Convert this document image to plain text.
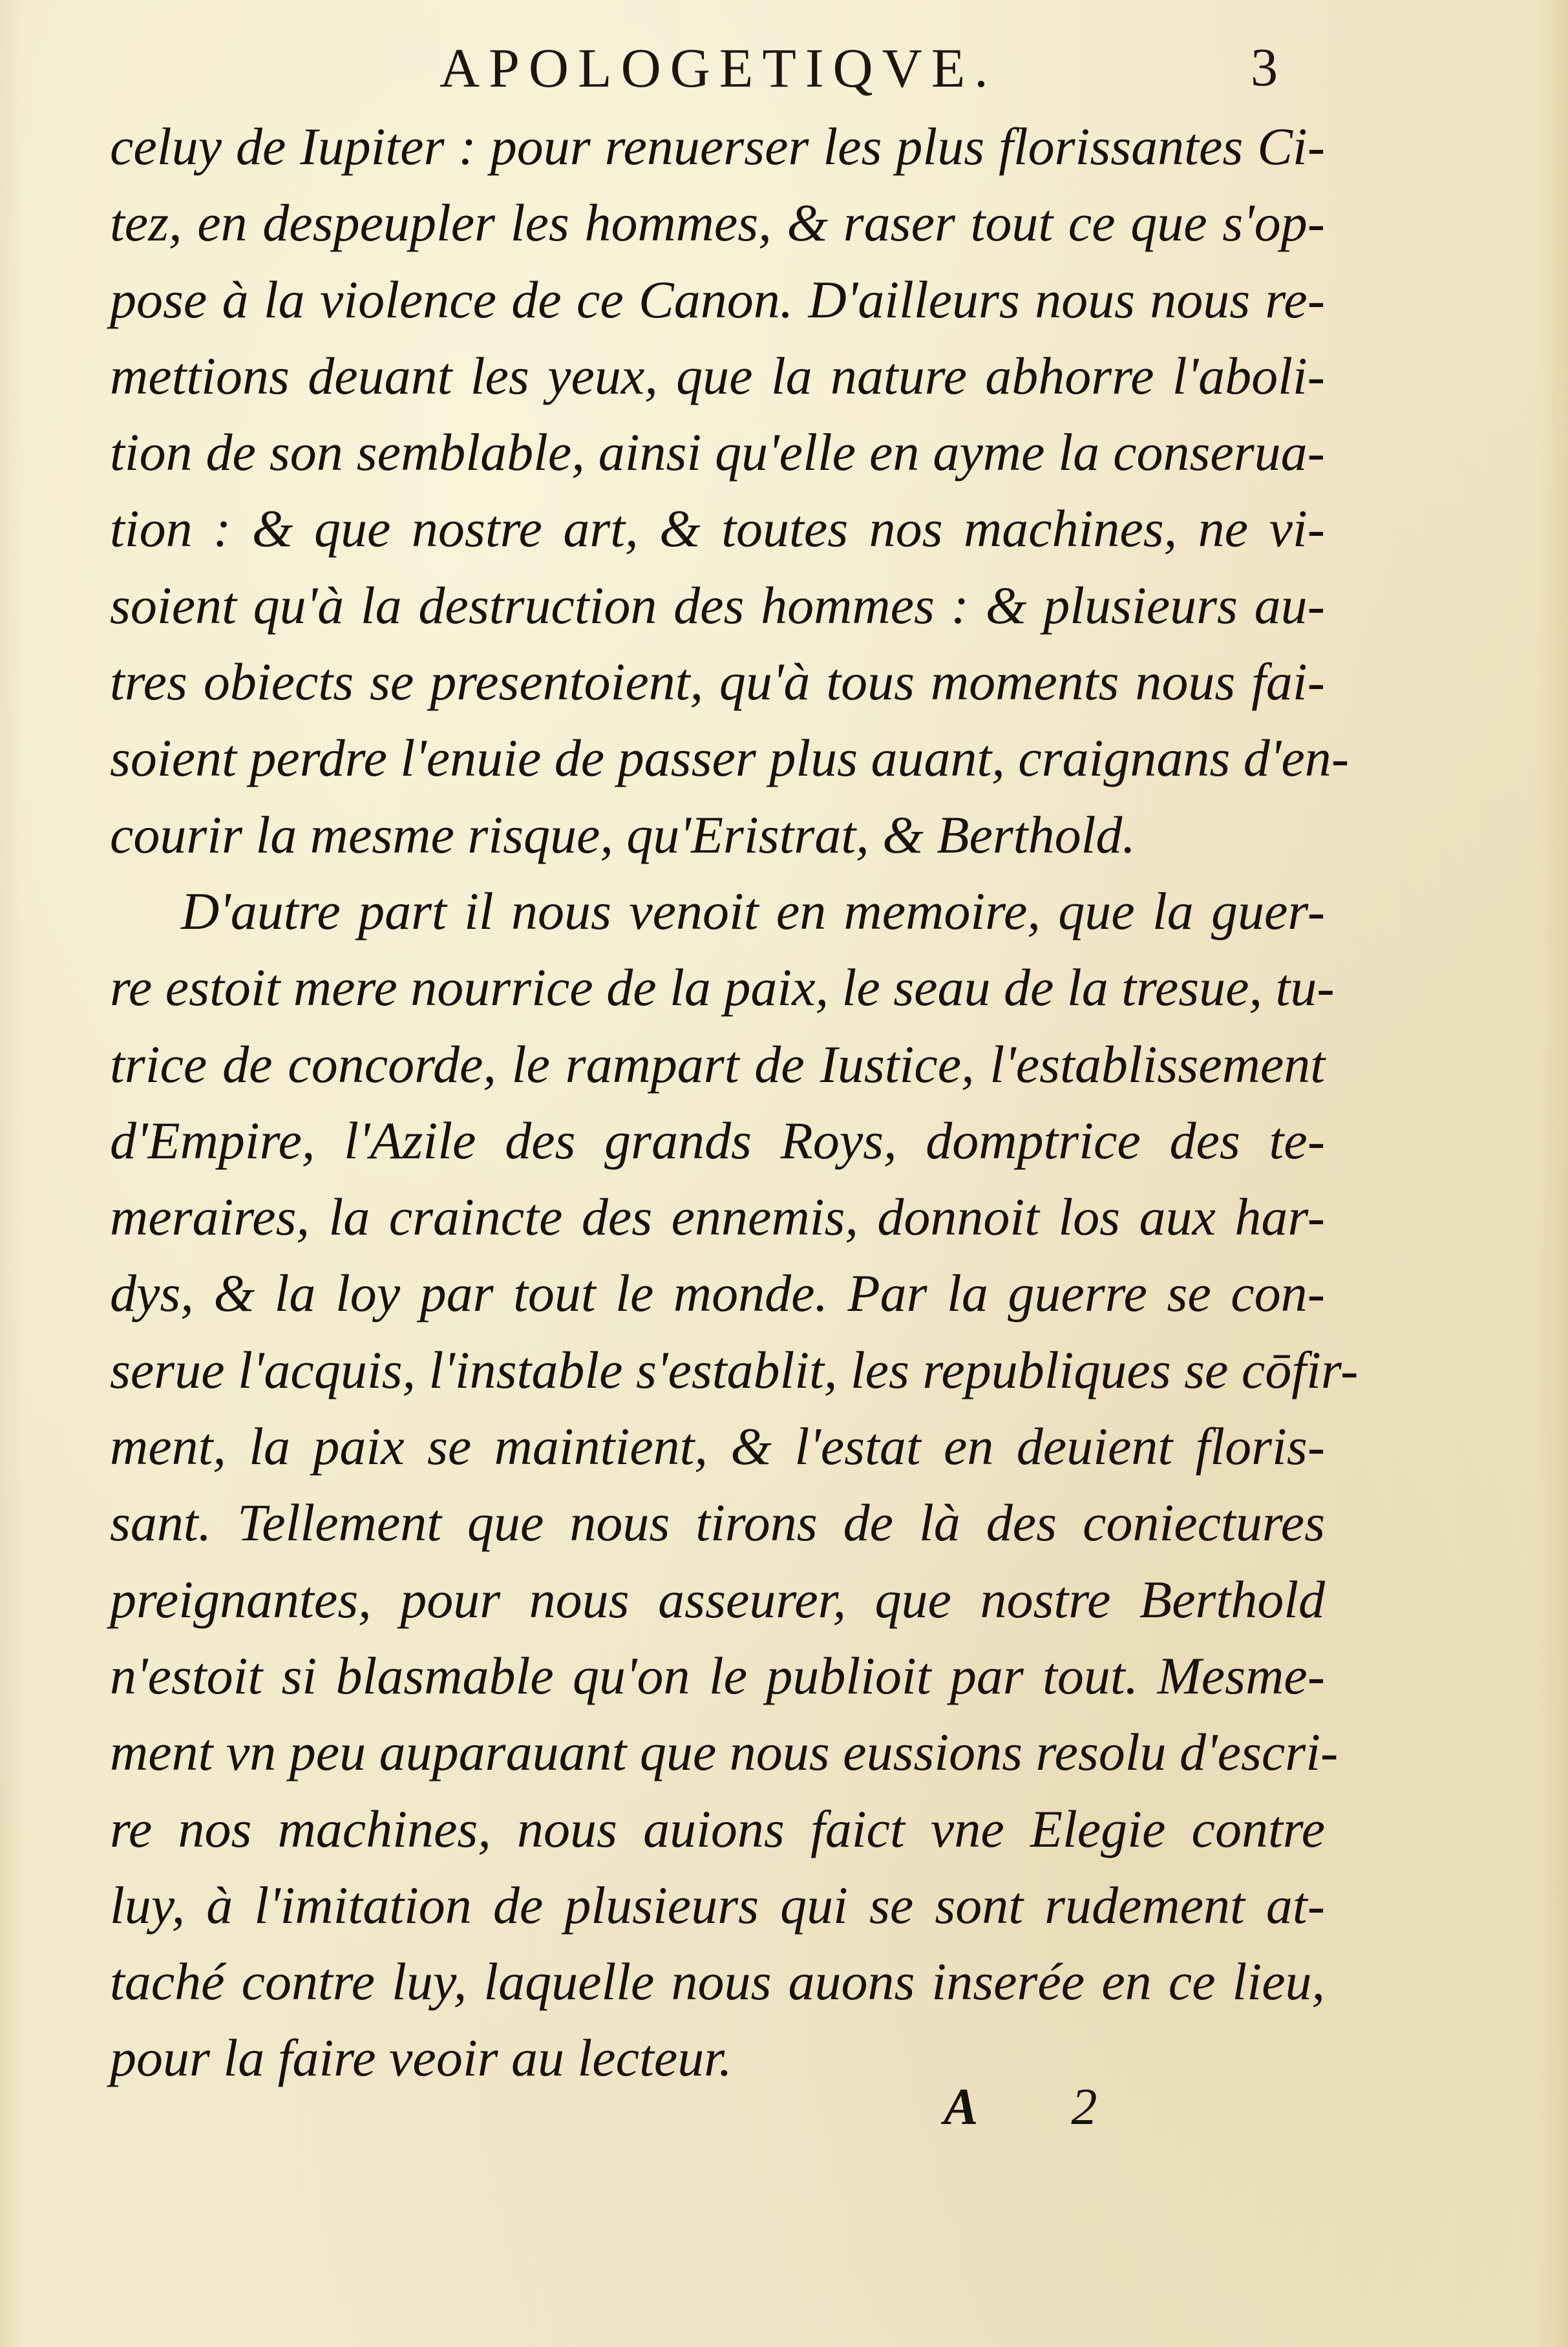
APOLOGETIQVE.	3
celuy de Iupiter : pour renuerser les plus florissantes Ci-
tez, en despeupler les hommes, & raser tout ce que s'op-
pose à la violence de ce Canon. D'ailleurs nous nous re-
mettions deuant les yeux, que la nature abhorre l'aboli-
tion de son semblable, ainsi qu'elle en ayme la conserua-
tion : & que nostre art, & toutes nos machines, ne vi-
soient qu'à la destruction des hommes : & plusieurs au-
tres obiects se presentoient, qu'à tous moments nous fai-
soient perdre l'enuie de passer plus auant, craignans d'en-
courir la mesme risque, qu'Eristrat, & Berthold.
D'autre part il nous venoit en memoire, que la guer-
re estoit mere nourrice de la paix, le seau de la tresue, tu-
trice de concorde, le rampart de Iustice, l'establissement
d'Empire, l'Azile des grands Roys, domptrice des te-
meraires, la craincte des ennemis, donnoit los aux har-
dys, & la loy par tout le monde. Par la guerre se con-
serue l'acquis, l'instable s'establit, les republiques se cōfir-
ment, la paix se maintient, & l'estat en deuient floris-
sant. Tellement que nous tirons de là des coniectures
preignantes, pour nous asseurer, que nostre Berthold
n'estoit si blasmable qu'on le publioit par tout. Mesme-
ment vn peu auparauant que nous eussions resolu d'escri-
re nos machines, nous auions faict vne Elegie contre
luy, à l'imitation de plusieurs qui se sont rudement at-
taché contre luy, laquelle nous auons inserée en ce lieu,
pour la faire veoir au lecteur.
A 2
